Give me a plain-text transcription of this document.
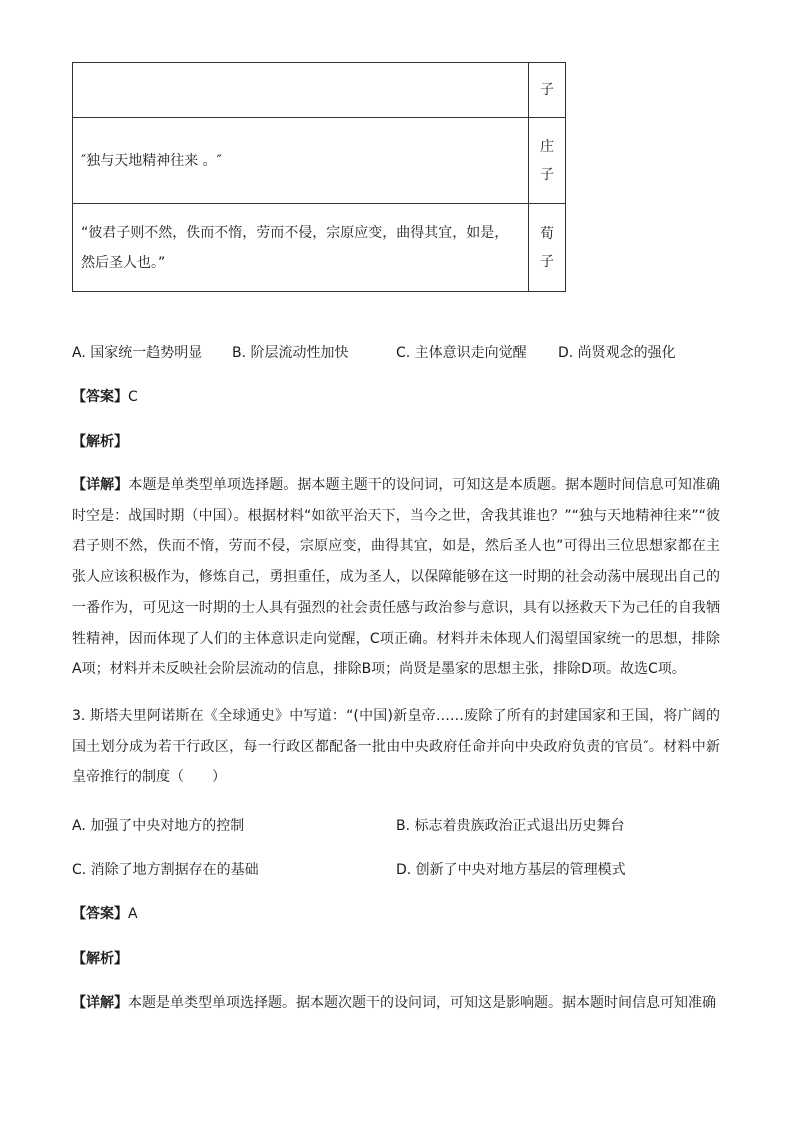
	子
″独与天地精神往来 。″	庄子
“彼君子则不然，佚而不惰，劳而不侵，宗原应变，曲得其宜，如是，然后圣人也。”	荀子
A. 国家统一趋势明显 B. 阶层流动性加快	C. 主体意识走向觉醒 D. 尚贤观念的强化
【答案】C
【解析】
【详解】本题是单类型单项选择题。据本题主题干的设问词，可知这是本质题。据本题时间信息可知准确时空是：战国时期（中国）。根据材料“如欲平治天下，当今之世，舍我其谁也？”“独与天地精神往来”“彼君子则不然，佚而不惰，劳而不侵，宗原应变，曲得其宜，如是，然后圣人也”可得出三位思想家都在主张人应该积极作为，修炼自己，勇担重任，成为圣人，以保障能够在这一时期的社会动荡中展现出自己的一番作为，可见这一时期的士人具有强烈的社会责任感与政治参与意识，具有以拯救天下为己任的自我牺牲精神，因而体现了人们的主体意识走向觉醒，C项正确。材料并未体现人们渴望国家统一的思想，排除A项；材料并未反映社会阶层流动的信息，排除B项；尚贤是墨家的思想主张，排除D项。故选C项。
3. 斯塔夫里阿诺斯在《全球通史》中写道：“(中国)新皇帝……废除了所有的封建国家和王国，将广阔的国土划分成为若干行政区，每一行政区都配备一批由中央政府任命并向中央政府负责的官员″。材料中新皇帝推行的制度（　　）
A. 加强了中央对地方的控制	B. 标志着贵族政治正式退出历史舞台
C. 消除了地方割据存在的基础	D. 创新了中央对地方基层的管理模式
【答案】A
【解析】
【详解】本题是单类型单项选择题。据本题次题干的设问词，可知这是影响题。据本题时间信息可知准确
